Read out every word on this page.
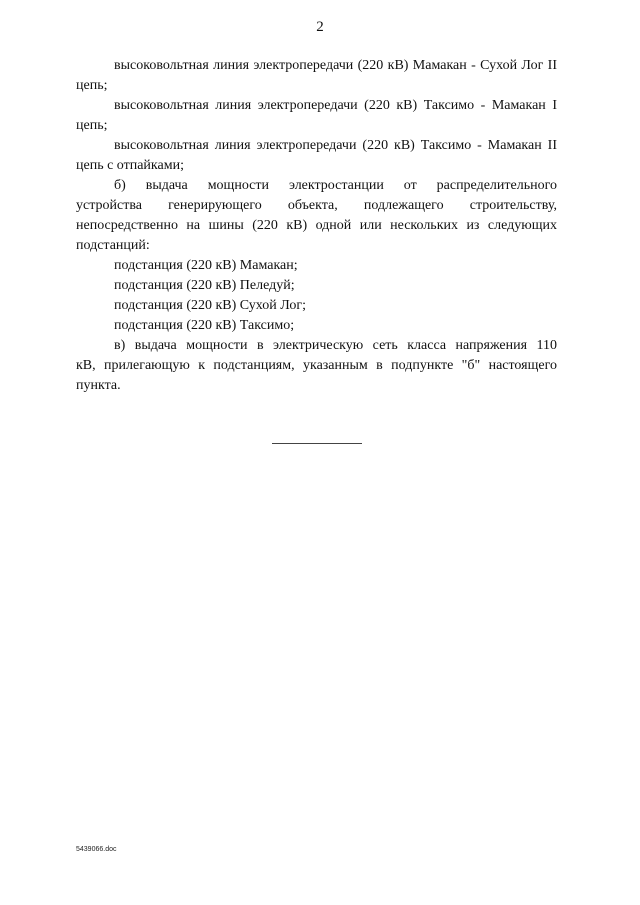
2

высоковольтная линия электропередачи (220 кВ) Мамакан - Сухой Лог II цепь;

высоковольтная линия электропередачи (220 кВ) Таксимо - Мамакан I цепь;

высоковольтная линия электропередачи (220 кВ) Таксимо - Мамакан II цепь с отпайками;

б) выдача мощности электростанции от распределительного устройства генерирующего объекта, подлежащего строительству, непосредственно на шины (220 кВ) одной или нескольких из следующих подстанций:

подстанция (220 кВ) Мамакан;

подстанция (220 кВ) Пеледуй;

подстанция (220 кВ) Сухой Лог;

подстанция (220 кВ) Таксимо;

в) выдача мощности в электрическую сеть класса напряжения 110 кВ, прилегающую к подстанциям, указанным в подпункте "б" настоящего пункта.

5439066.doc
